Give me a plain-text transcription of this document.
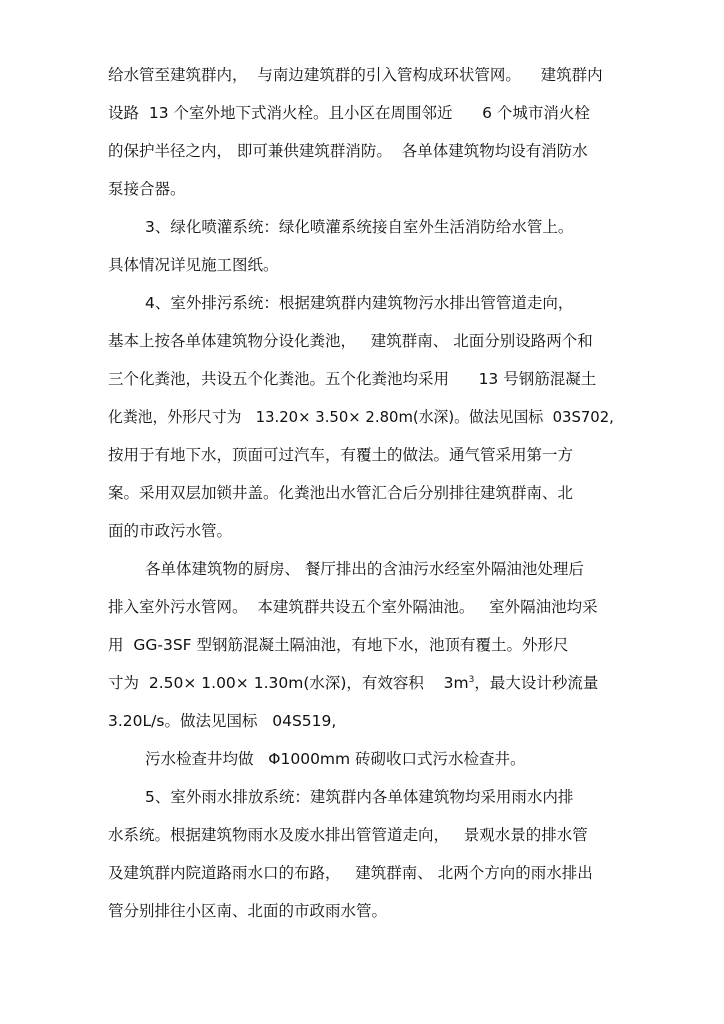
给水管至建筑群内，  与南边建筑群的引入管构成环状管网。    建筑群内
设路  13 个室外地下式消火栓。且小区在周围邻近      6 个城市消火栓
的保护半径之内， 即可兼供建筑群消防。  各单体建筑物均设有消防水
泵接合器。
3、绿化喷灌系统：绿化喷灌系统接自室外生活消防给水管上。
具体情况详见施工图纸。
4、室外排污系统：根据建筑群内建筑物污水排出管管道走向，
基本上按各单体建筑物分设化粪池，   建筑群南、 北面分别设路两个和
三个化粪池，共设五个化粪池。五个化粪池均采用      13 号钢筋混凝土
化粪池，外形尺寸为   13.20× 3.50× 2.80m(水深)。做法见国标  03S702,
按用于有地下水，顶面可过汽车，有覆土的做法。通气管采用第一方
案。采用双层加锁井盖。化粪池出水管汇合后分别排往建筑群南、北
面的市政污水管。
各单体建筑物的厨房、 餐厅排出的含油污水经室外隔油池处理后
排入室外污水管网。  本建筑群共设五个室外隔油池。   室外隔油池均采
用  GG-3SF 型钢筋混凝土隔油池，有地下水，池顶有覆土。外形尺
寸为  2.50× 1.00× 1.30m(水深)，有效容积    $3m^3$，最大设计秒流量
3.20L/s。做法见国标   04S519,
污水检查井均做   Φ1000mm 砖砌收口式污水检查井。
5、室外雨水排放系统：建筑群内各单体建筑物均采用雨水内排
水系统。根据建筑物雨水及废水排出管管道走向，   景观水景的排水管
及建筑群内院道路雨水口的布路，   建筑群南、 北两个方向的雨水排出
管分别排往小区南、北面的市政雨水管。
